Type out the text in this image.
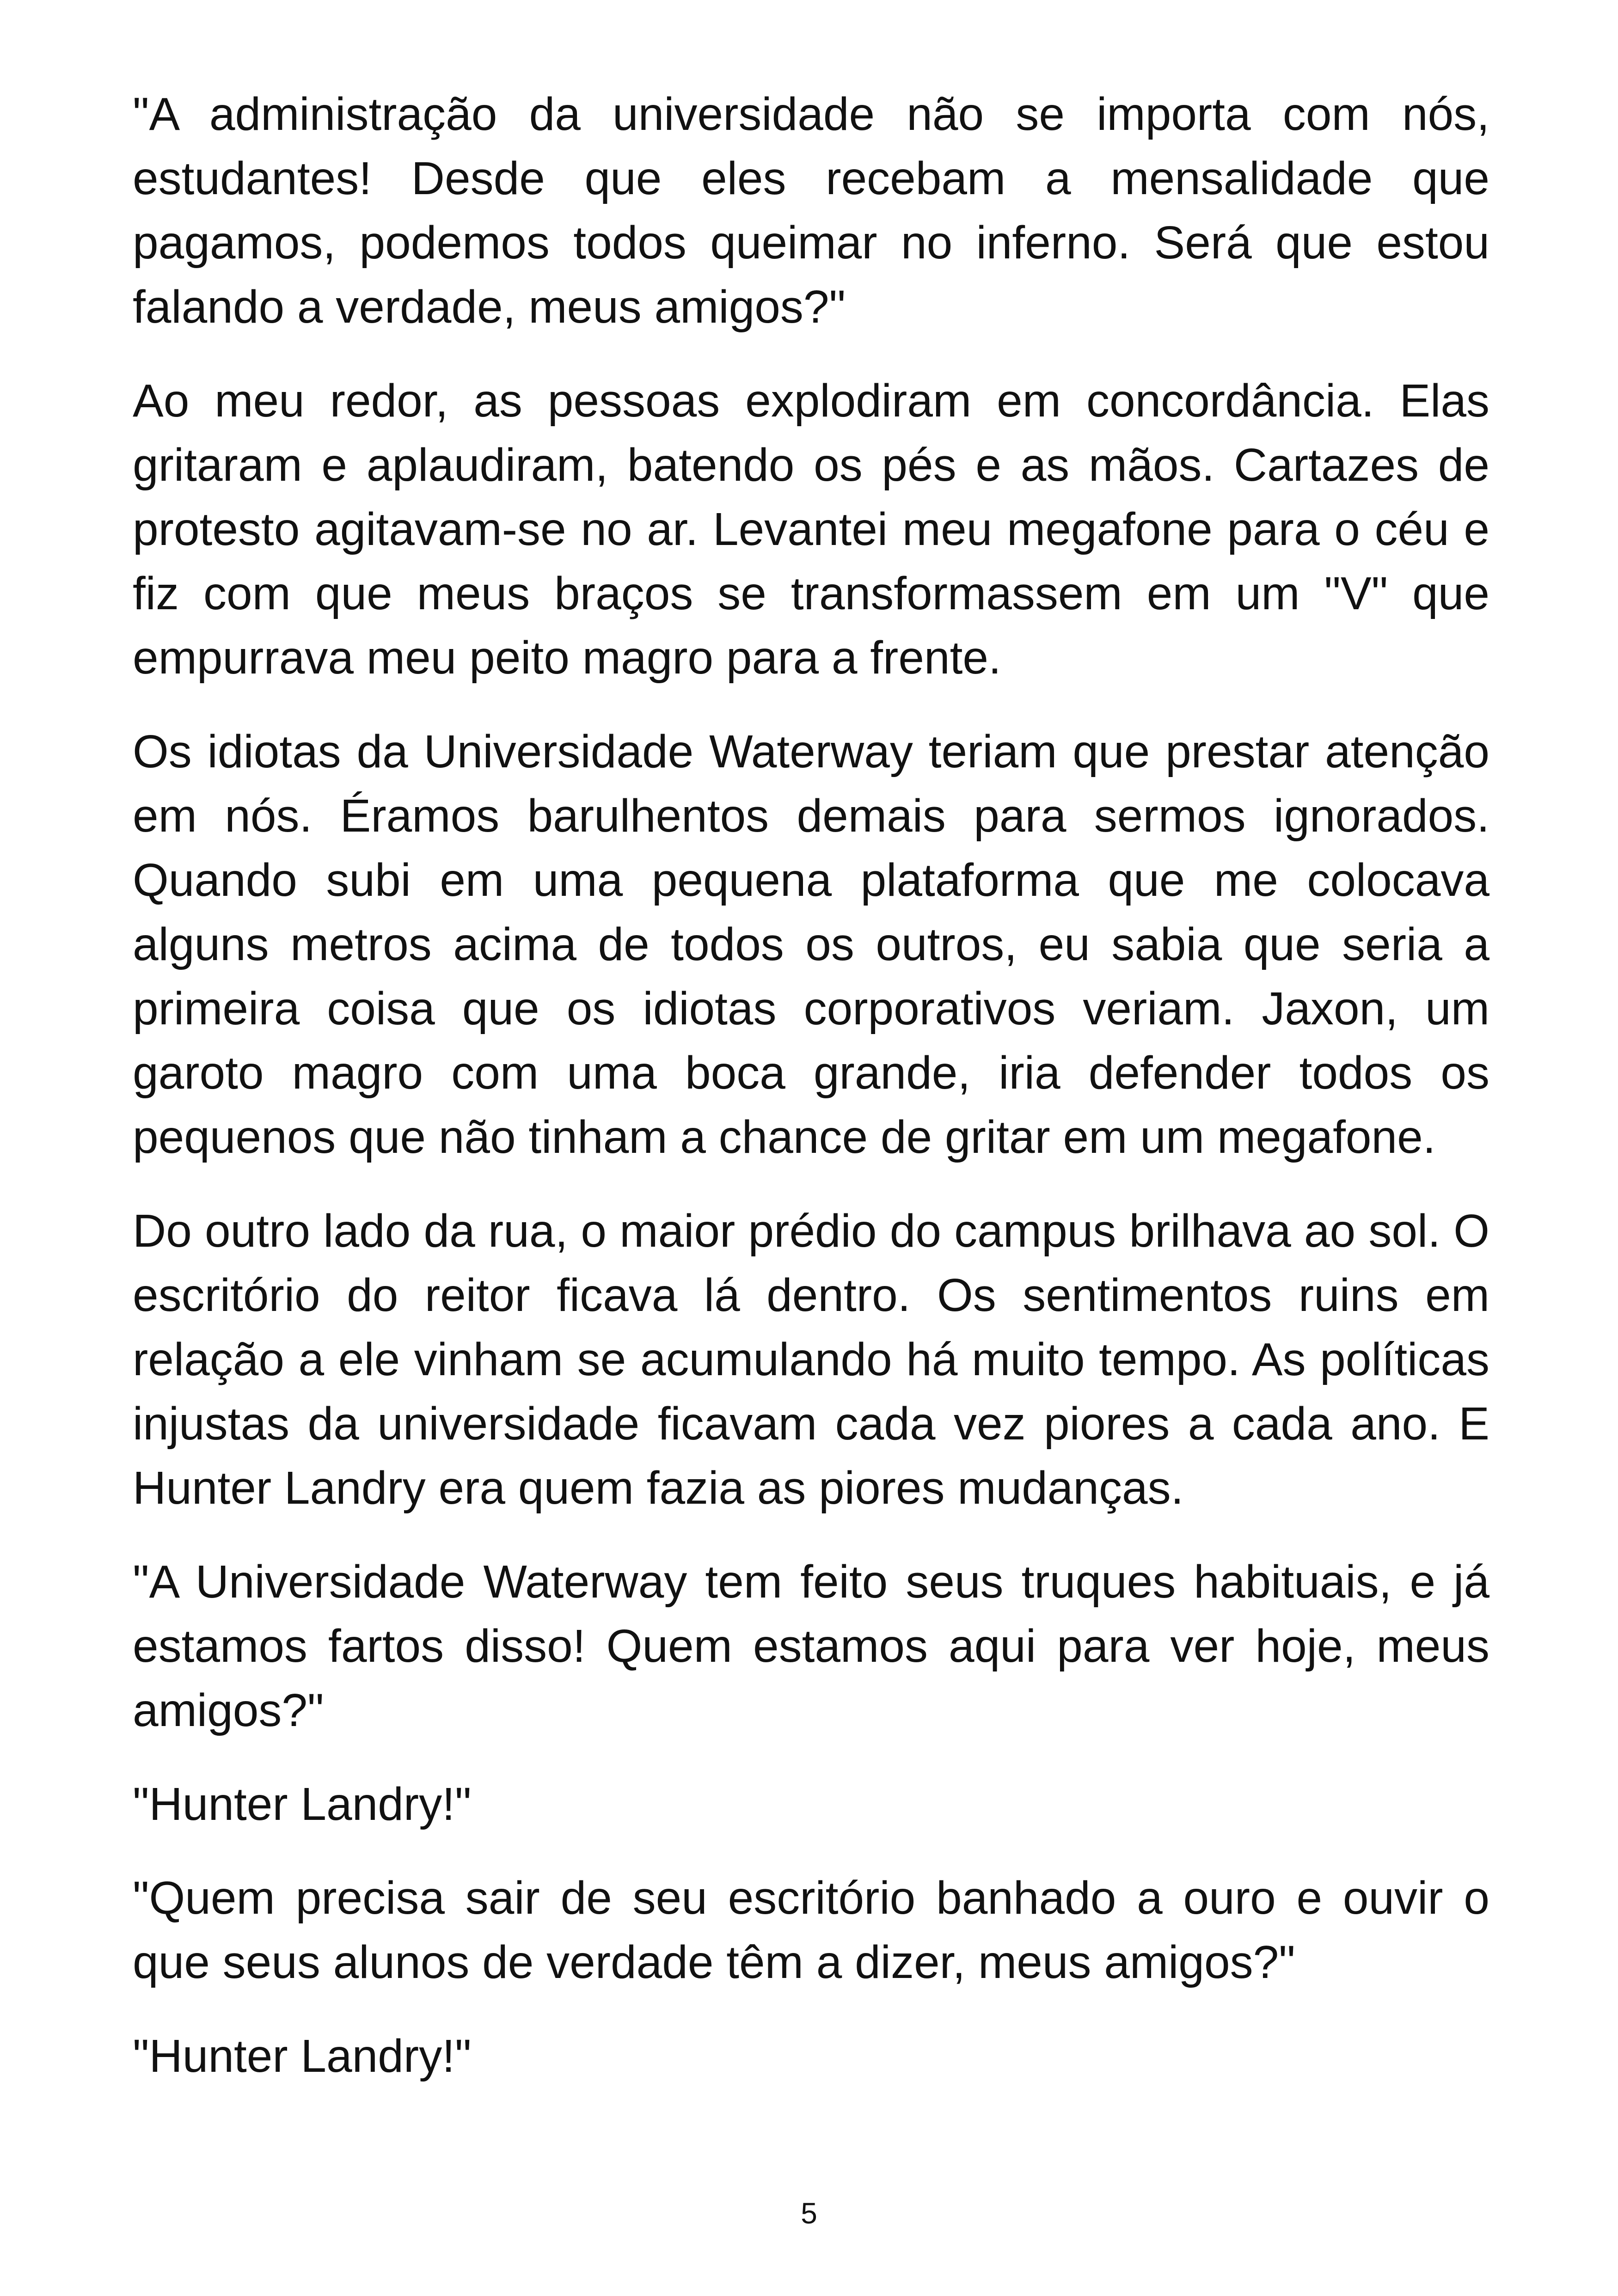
"A administração da universidade não se importa com nós, estudantes! Desde que eles recebam a mensalidade que pagamos, podemos todos queimar no inferno. Será que estou falando a verdade, meus amigos?"

Ao meu redor, as pessoas explodiram em concordância. Elas gritaram e aplaudiram, batendo os pés e as mãos. Cartazes de protesto agitavam-se no ar. Levantei meu megafone para o céu e fiz com que meus braços se transformassem em um "V" que empurrava meu peito magro para a frente.

Os idiotas da Universidade Waterway teriam que prestar atenção em nós. Éramos barulhentos demais para sermos ignorados. Quando subi em uma pequena plataforma que me colocava alguns metros acima de todos os outros, eu sabia que seria a primeira coisa que os idiotas corporativos veriam. Jaxon, um garoto magro com uma boca grande, iria defender todos os pequenos que não tinham a chance de gritar em um megafone.

Do outro lado da rua, o maior prédio do campus brilhava ao sol. O escritório do reitor ficava lá dentro. Os sentimentos ruins em relação a ele vinham se acumulando há muito tempo. As políticas injustas da universidade ficavam cada vez piores a cada ano. E Hunter Landry era quem fazia as piores mudanças.

"A Universidade Waterway tem feito seus truques habituais, e já estamos fartos disso! Quem estamos aqui para ver hoje, meus amigos?"

"Hunter Landry!"

"Quem precisa sair de seu escritório banhado a ouro e ouvir o que seus alunos de verdade têm a dizer, meus amigos?"

"Hunter Landry!"

5
